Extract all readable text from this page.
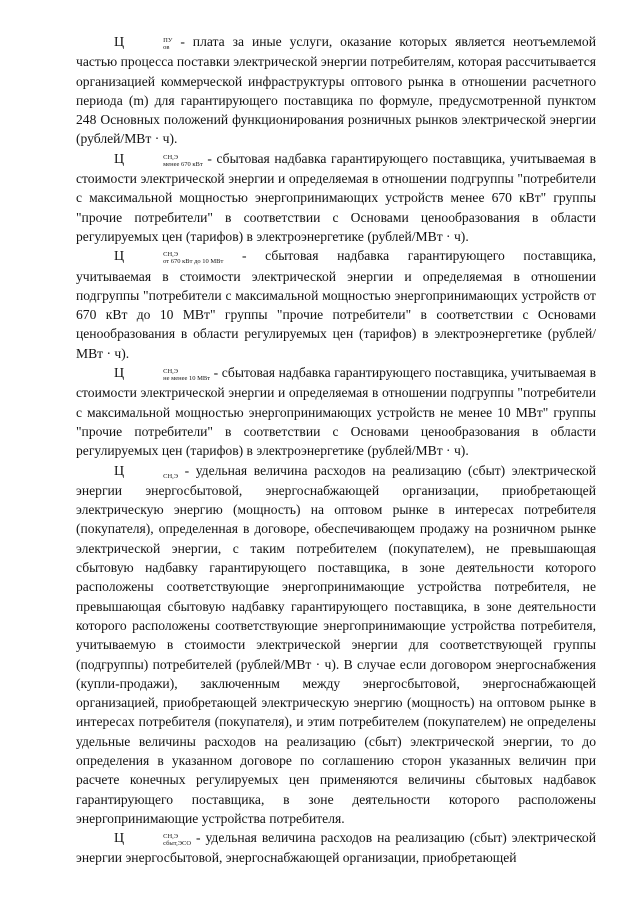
Ц	ПУ
ов - плата за иные услуги, оказание которых является неотъемлемой частью процесса поставки электрической энергии потребителям, которая рассчитывается организацией коммерческой инфраструктуры оптового рынка в отношении расчетного периода (m) для гарантирующего поставщика по формуле, предусмотренной пунктом 248 Основных положений функционирования розничных рынков электрической энергии (рублей/МВт · ч).

Ц	СН,Э
менее 670 кВт - сбытовая надбавка гарантирующего поставщика, учитываемая в стоимости электрической энергии и определяемая в отношении подгруппы "потребители с максимальной мощностью энергопринимающих устройств менее 670 кВт" группы "прочие потребители" в соответствии с Основами ценообразования в области регулируемых цен (тарифов) в электроэнергетике (рублей/МВт · ч).

Ц	СН,Э
от 670 кВт до 10 МВт - сбытовая надбавка гарантирующего поставщика, учитываемая в стоимости электрической энергии и определяемая в отношении подгруппы "потребители с максимальной мощностью энергопринимающих устройств от 670 кВт до 10 МВт" группы "прочие потребители" в соответствии с Основами ценообразования в области регулируемых цен (тарифов) в электроэнергетике (рублей/МВт · ч).

Ц	СН,Э
не менее 10 МВт - сбытовая надбавка гарантирующего поставщика, учитываемая в стоимости электрической энергии и определяемая в отношении подгруппы "потребители с максимальной мощностью энергопринимающих устройств не менее 10 МВт" группы "прочие потребители" в соответствии с Основами ценообразования в области регулируемых цен (тарифов) в электроэнергетике (рублей/МВт · ч).

Ц	СН,Э - удельная величина расходов на реализацию (сбыт) электрической энергии энергосбытовой, энергоснабжающей организации, приобретающей электрическую энергию (мощность) на оптовом рынке в интересах потребителя (покупателя), определенная в договоре, обеспечивающем продажу на розничном рынке электрической энергии, с таким потребителем (покупателем), не превышающая сбытовую надбавку гарантирующего поставщика, в зоне деятельности которого расположены соответствующие энергопринимающие устройства потребителя, не превышающая сбытовую надбавку гарантирующего поставщика, в зоне деятельности которого расположены соответствующие энергопринимающие устройства потребителя, учитываемую в стоимости электрической энергии для соответствующей группы (подгруппы) потребителей (рублей/МВт · ч). В случае если договором энергоснабжения (купли-продажи), заключенным между энергосбытовой, энергоснабжающей организацией, приобретающей электрическую энергию (мощность) на оптовом рынке в интересах потребителя (покупателя), и этим потребителем (покупателем) не определены удельные величины расходов на реализацию (сбыт) электрической энергии, то до определения в указанном договоре по соглашению сторон указанных величин при расчете конечных регулируемых цен применяются величины сбытовых надбавок гарантирующего поставщика, в зоне деятельности которого расположены энергопринимающие устройства потребителя.

Ц	СН,Э
сбыт,ЭСО - удельная величина расходов на реализацию (сбыт) электрической энергии энергосбытовой, энергоснабжающей организации, приобретающей
